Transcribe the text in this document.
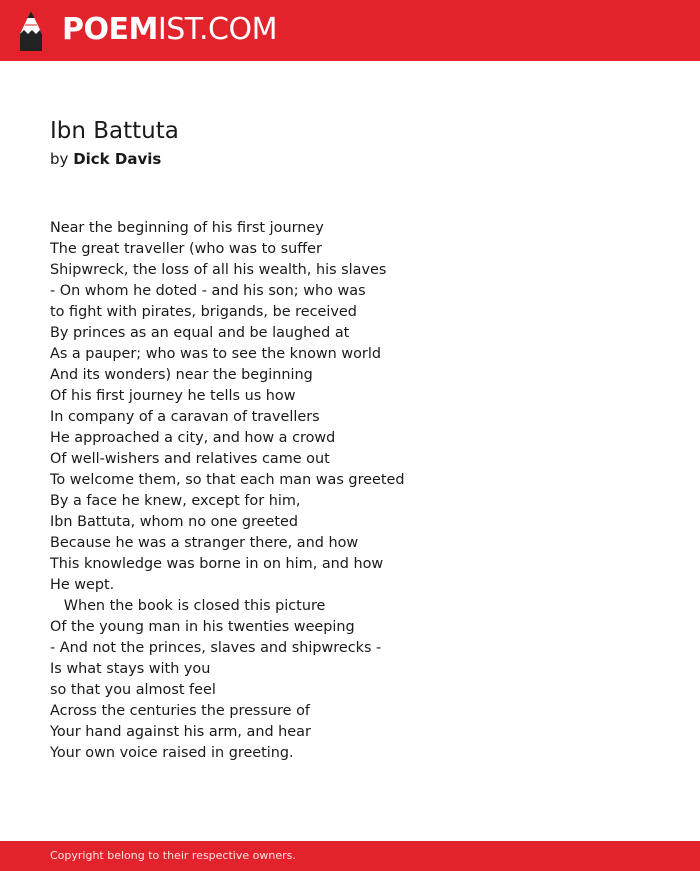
POEMIST.COM
Ibn Battuta
by Dick Davis
Near the beginning of his first journey
The great traveller (who was to suffer
Shipwreck, the loss of all his wealth, his slaves
- On whom he doted - and his son; who was
to fight with pirates, brigands, be received
By princes as an equal and be laughed at
As a pauper; who was to see the known world
And its wonders) near the beginning
Of his first journey he tells us how
In company of a caravan of travellers
He approached a city, and how a crowd
Of well-wishers and relatives came out
To welcome them, so that each man was greeted
By a face he knew, except for him,
Ibn Battuta, whom no one greeted
Because he was a stranger there, and how
This knowledge was borne in on him, and how
He wept.
When the book is closed this picture
Of the young man in his twenties weeping
- And not the princes, slaves and shipwrecks -
Is what stays with you
so that you almost feel
Across the centuries the pressure of
Your hand against his arm, and hear
Your own voice raised in greeting.
Copyright belong to their respective owners.
